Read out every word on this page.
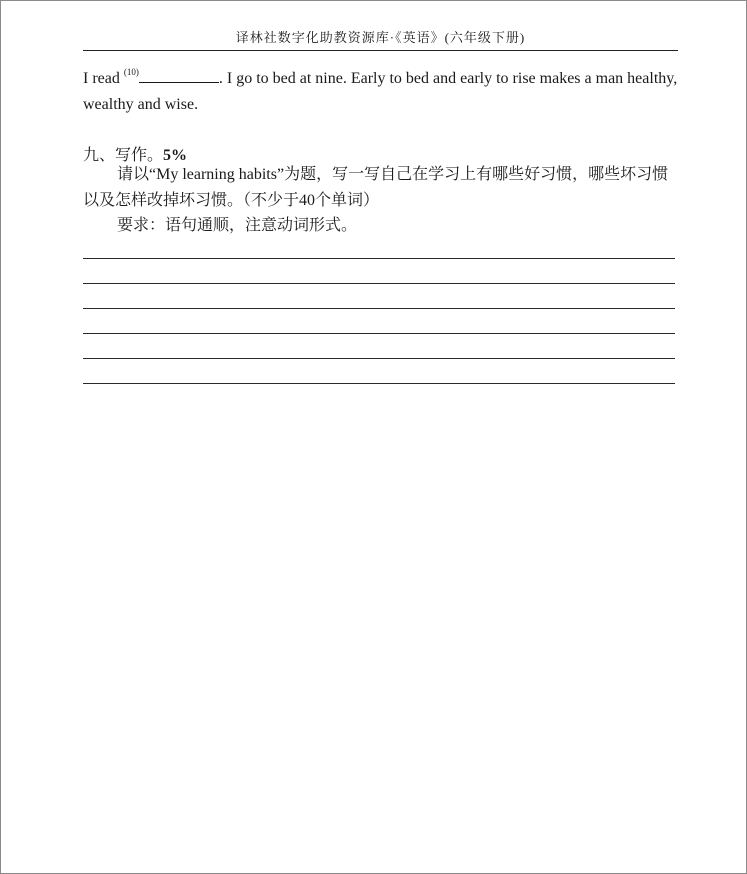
译林社数字化助教资源库·《英语》(六年级下册)
I read $^{(10)}$	. I go to bed at nine. Early to bed and early to rise makes a man healthy, wealthy and wise.
九、写作。5%
请以“My learning habits”为题，写一写自己在学习上有哪些好习惯，哪些坏习惯以及怎样改掉坏习惯。（不少于40个单词）
要求：语句通顺，注意动词形式。
